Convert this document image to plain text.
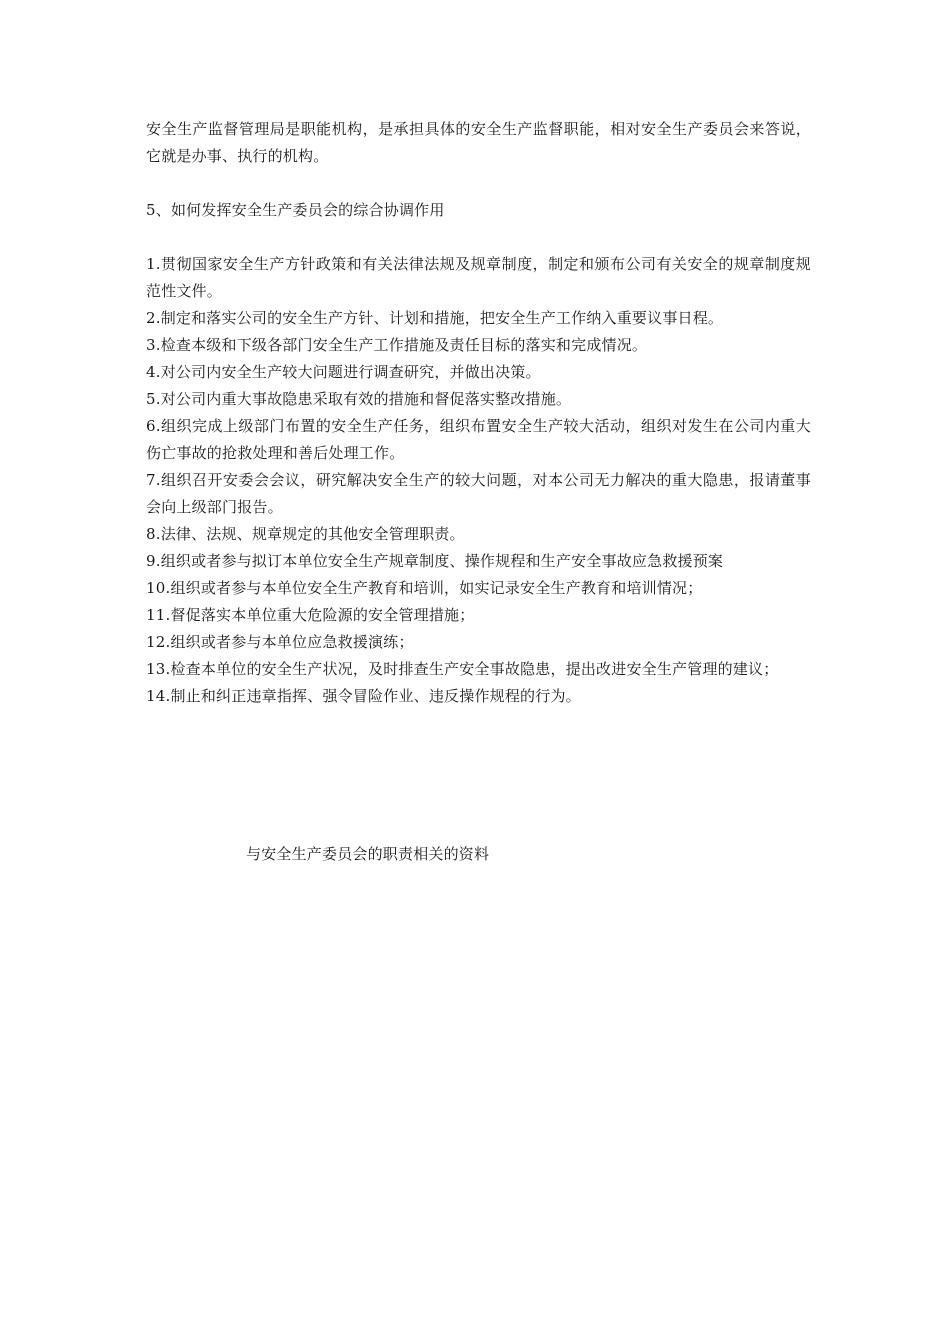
安全生产监督管理局是职能机构，是承担具体的安全生产监督职能，相对安全生产委员会来答说，它就是办事、执行的机构。

5、如何发挥安全生产委员会的综合协调作用

1.贯彻国家安全生产方针政策和有关法律法规及规章制度，制定和颁布公司有关安全的规章制度规范性文件。

2.制定和落实公司的安全生产方针、计划和措施，把安全生产工作纳入重要议事日程。

3.检查本级和下级各部门安全生产工作措施及责任目标的落实和完成情况。

4.对公司内安全生产较大问题进行调查研究，并做出决策。

5.对公司内重大事故隐患采取有效的措施和督促落实整改措施。

6.组织完成上级部门布置的安全生产任务，组织布置安全生产较大活动，组织对发生在公司内重大伤亡事故的抢救处理和善后处理工作。

7.组织召开安委会会议，研究解决安全生产的较大问题，对本公司无力解决的重大隐患，报请董事会向上级部门报告。

8.法律、法规、规章规定的其他安全管理职责。

9.组织或者参与拟订本单位安全生产规章制度、操作规程和生产安全事故应急救援预案

10.组织或者参与本单位安全生产教育和培训，如实记录安全生产教育和培训情况；

11.督促落实本单位重大危险源的安全管理措施；

12.组织或者参与本单位应急救援演练；

13.检查本单位的安全生产状况，及时排查生产安全事故隐患，提出改进安全生产管理的建议；

14.制止和纠正违章指挥、强令冒险作业、违反操作规程的行为。

与安全生产委员会的职责相关的资料
